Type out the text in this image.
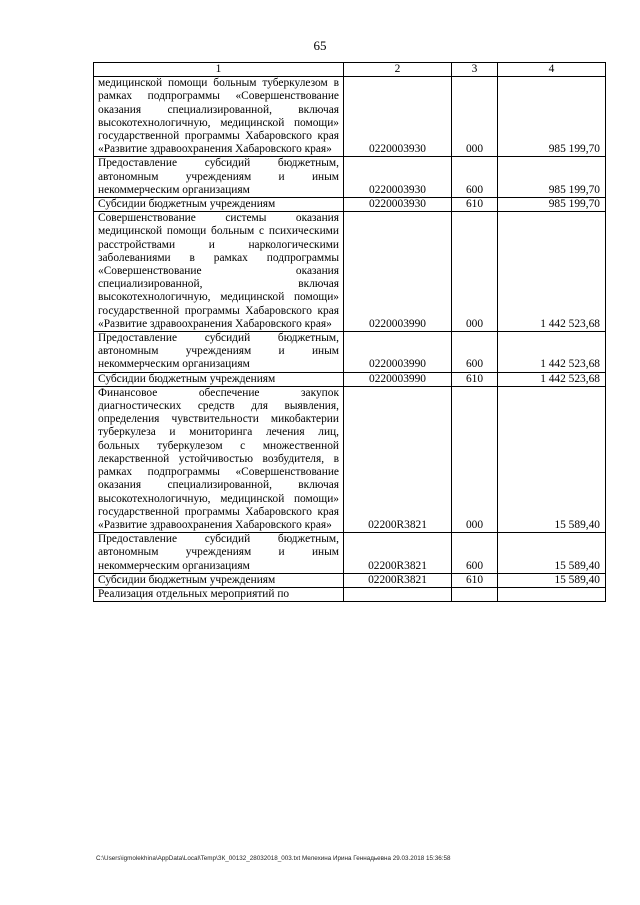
65
1	2	3	4
медицинской помощи больным туберкулезом в рамках подпрограммы «Совершенствование оказания специализированной, включая высокотехнологичную, медицинской помощи» государственной программы Хабаровского края «Развитие здравоохранения Хабаровского края»	0220003930	000	985 199,70
Предоставление субсидий бюджетным, автономным учреждениям и иным некоммерческим организациям	0220003930	600	985 199,70
Субсидии бюджетным учреждениям	0220003930	610	985 199,70
Совершенствование системы оказания медицинской помощи больным с психическими расстройствами и наркологическими заболеваниями в рамках подпрограммы «Совершенствование оказания специализированной, включая высокотехнологичную, медицинской помощи» государственной программы Хабаровского края «Развитие здравоохранения Хабаровского края»	0220003990	000	1 442 523,68
Предоставление субсидий бюджетным, автономным учреждениям и иным некоммерческим организациям	0220003990	600	1 442 523,68
Субсидии бюджетным учреждениям	0220003990	610	1 442 523,68
Финансовое обеспечение закупок диагностических средств для выявления, определения чувствительности микобактерии туберкулеза и мониторинга лечения лиц, больных туберкулезом с множественной лекарственной устойчивостью возбудителя, в рамках подпрограммы «Совершенствование оказания специализированной, включая высокотехнологичную, медицинской помощи» государственной программы Хабаровского края «Развитие здравоохранения Хабаровского края»	02200R3821	000	15 589,40
Предоставление субсидий бюджетным, автономным учреждениям и иным некоммерческим организациям	02200R3821	600	15 589,40
Субсидии бюджетным учреждениям	02200R3821	610	15 589,40
Реализация отдельных мероприятий по			
C:\Users\igmolekhina\AppData\Local\Temp\ЗК_00132_28032018_003.txt Мелехина Ирина Геннадьевна 29.03.2018 15:36:58
